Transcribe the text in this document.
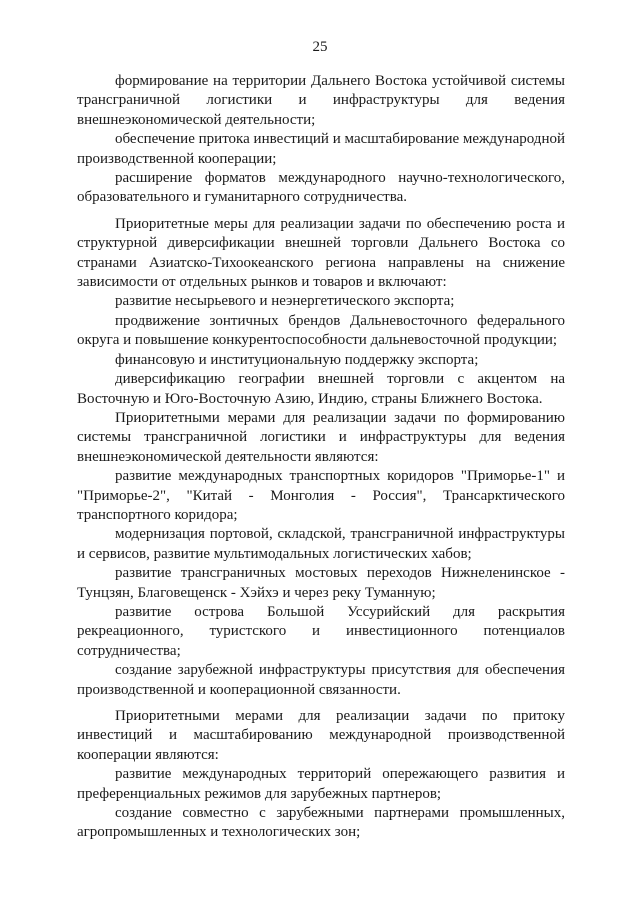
25

формирование на территории Дальнего Востока устойчивой системы трансграничной логистики и инфраструктуры для ведения внешнеэкономической деятельности;

обеспечение притока инвестиций и масштабирование международной производственной кооперации;

расширение форматов международного научно-технологического, образовательного и гуманитарного сотрудничества.

Приоритетные меры для реализации задачи по обеспечению роста и структурной диверсификации внешней торговли Дальнего Востока со странами Азиатско-Тихоокеанского региона направлены на снижение зависимости от отдельных рынков и товаров и включают:

развитие несырьевого и неэнергетического экспорта;

продвижение зонтичных брендов Дальневосточного федерального округа и повышение конкурентоспособности дальневосточной продукции;

финансовую и институциональную поддержку экспорта;

диверсификацию географии внешней торговли с акцентом на Восточную и Юго-Восточную Азию, Индию, страны Ближнего Востока.

Приоритетными мерами для реализации задачи по формированию системы трансграничной логистики и инфраструктуры для ведения внешнеэкономической деятельности являются:

развитие международных транспортных коридоров "Приморье-1" и "Приморье-2", "Китай - Монголия - Россия", Трансарктического транспортного коридора;

модернизация портовой, складской, трансграничной инфраструктуры и сервисов, развитие мультимодальных логистических хабов;

развитие трансграничных мостовых переходов Нижнеленинское - Тунцзян, Благовещенск - Хэйхэ и через реку Туманную;

развитие острова Большой Уссурийский для раскрытия рекреационного, туристского и инвестиционного потенциалов сотрудничества;

создание зарубежной инфраструктуры присутствия для обеспечения производственной и кооперационной связанности.

Приоритетными мерами для реализации задачи по притоку инвестиций и масштабированию международной производственной кооперации являются:

развитие международных территорий опережающего развития и преференциальных режимов для зарубежных партнеров;

создание совместно с зарубежными партнерами промышленных, агропромышленных и технологических зон;
